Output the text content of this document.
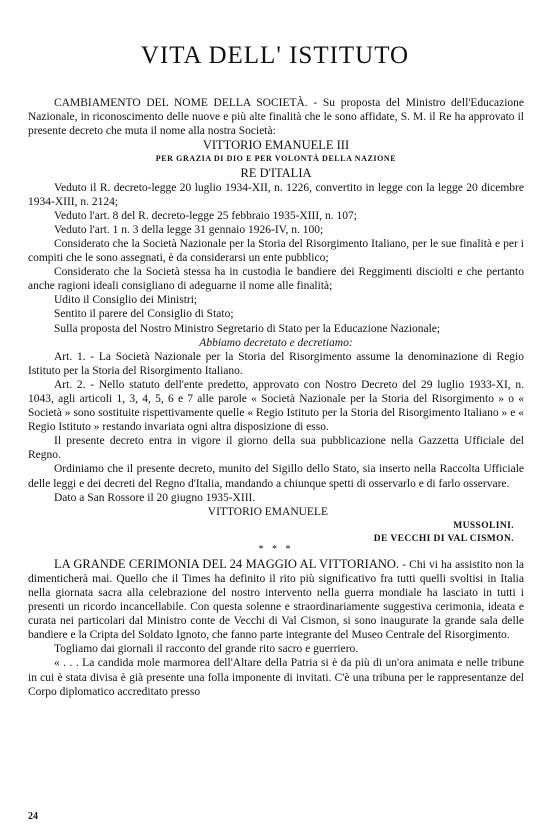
VITA DELL' ISTITUTO

CAMBIAMENTO DEL NOME DELLA SOCIETÀ. - Su proposta del Ministro dell'Educazione Nazionale, in riconoscimento delle nuove e più alte finalità che le sono affidate, S. M. il Re ha approvato il presente decreto che muta il nome alla nostra Società:

VITTORIO EMANUELE III

PER GRAZIA DI DIO E PER VOLONTÀ DELLA NAZIONE

RE D'ITALIA

Veduto il R. decreto-legge 20 luglio 1934-XII, n. 1226, convertito in legge con la legge 20 dicembre 1934-XIII, n. 2124;

Veduto l'art. 8 del R. decreto-legge 25 febbraio 1935-XIII, n. 107;

Veduto l'art. 1 n. 3 della legge 31 gennaio 1926-IV, n. 100;

Considerato che la Società Nazionale per la Storia del Risorgimento Italiano, per le sue finalità e per i compiti che le sono assegnati, è da considerarsi un ente pubblico;

Considerato che la Società stessa ha in custodia le bandiere dei Reggimenti disciolti e che pertanto anche ragioni ideali consigliano di adeguarne il nome alle finalità;

Udito il Consiglio dei Ministri;

Sentito il parere del Consiglio di Stato;

Sulla proposta del Nostro Ministro Segretario di Stato per la Educazione Nazionale;

Abbiamo decretato e decretiamo:

Art. 1. - La Società Nazionale per la Storia del Risorgimento assume la denominazione di Regio Istituto per la Storia del Risorgimento Italiano.

Art. 2. - Nello statuto dell'ente predetto, approvato con Nostro Decreto del 29 luglio 1933-XI, n. 1043, agli articoli 1, 3, 4, 5, 6 e 7 alle parole « Società Nazionale per la Storia del Risorgimento » o « Società » sono sostituite rispettivamente quelle « Regio Istituto per la Storia del Risorgimento Italiano » e « Regio Istituto » restando invariata ogni altra disposizione di esso.

Il presente decreto entra in vigore il giorno della sua pubblicazione nella Gazzetta Ufficiale del Regno.

Ordiniamo che il presente decreto, munito del Sigillo dello Stato, sia inserto nella Raccolta Ufficiale delle leggi e dei decreti del Regno d'Italia, mandando a chiunque spetti di osservarlo e di farlo osservare.

Dato a San Rossore il 20 giugno 1935-XIII.

VITTORIO EMANUELE
MUSSOLINI.
DE VECCHI DI VAL CISMON.

* * *

LA GRANDE CERIMONIA DEL 24 MAGGIO AL VITTORIANO. - Chi vi ha assistito non la dimenticherà mai. Quello che il Times ha definito il rito più significativo fra tutti quelli svoltisi in Italia nella giornata sacra alla celebrazione del nostro intervento nella guerra mondiale ha lasciato in tutti i presenti un ricordo incancellabile. Con questa solenne e straordinariamente suggestiva cerimonia, ideata e curata nei particolari dal Ministro conte de Vecchi di Val Cismon, si sono inaugurate la grande sala delle bandiere e la Cripta del Soldato Ignoto, che fanno parte integrante del Museo Centrale del Risorgimento.

Togliamo dai giornali il racconto del grande rito sacro e guerriero.

« . . . La candida mole marmorea dell'Altare della Patria si è da più di un'ora animata e nelle tribune in cui è stata divisa è già presente una folla imponente di invitati. C'è una tribuna per le rappresentanze del Corpo diplomatico accreditato presso

24
